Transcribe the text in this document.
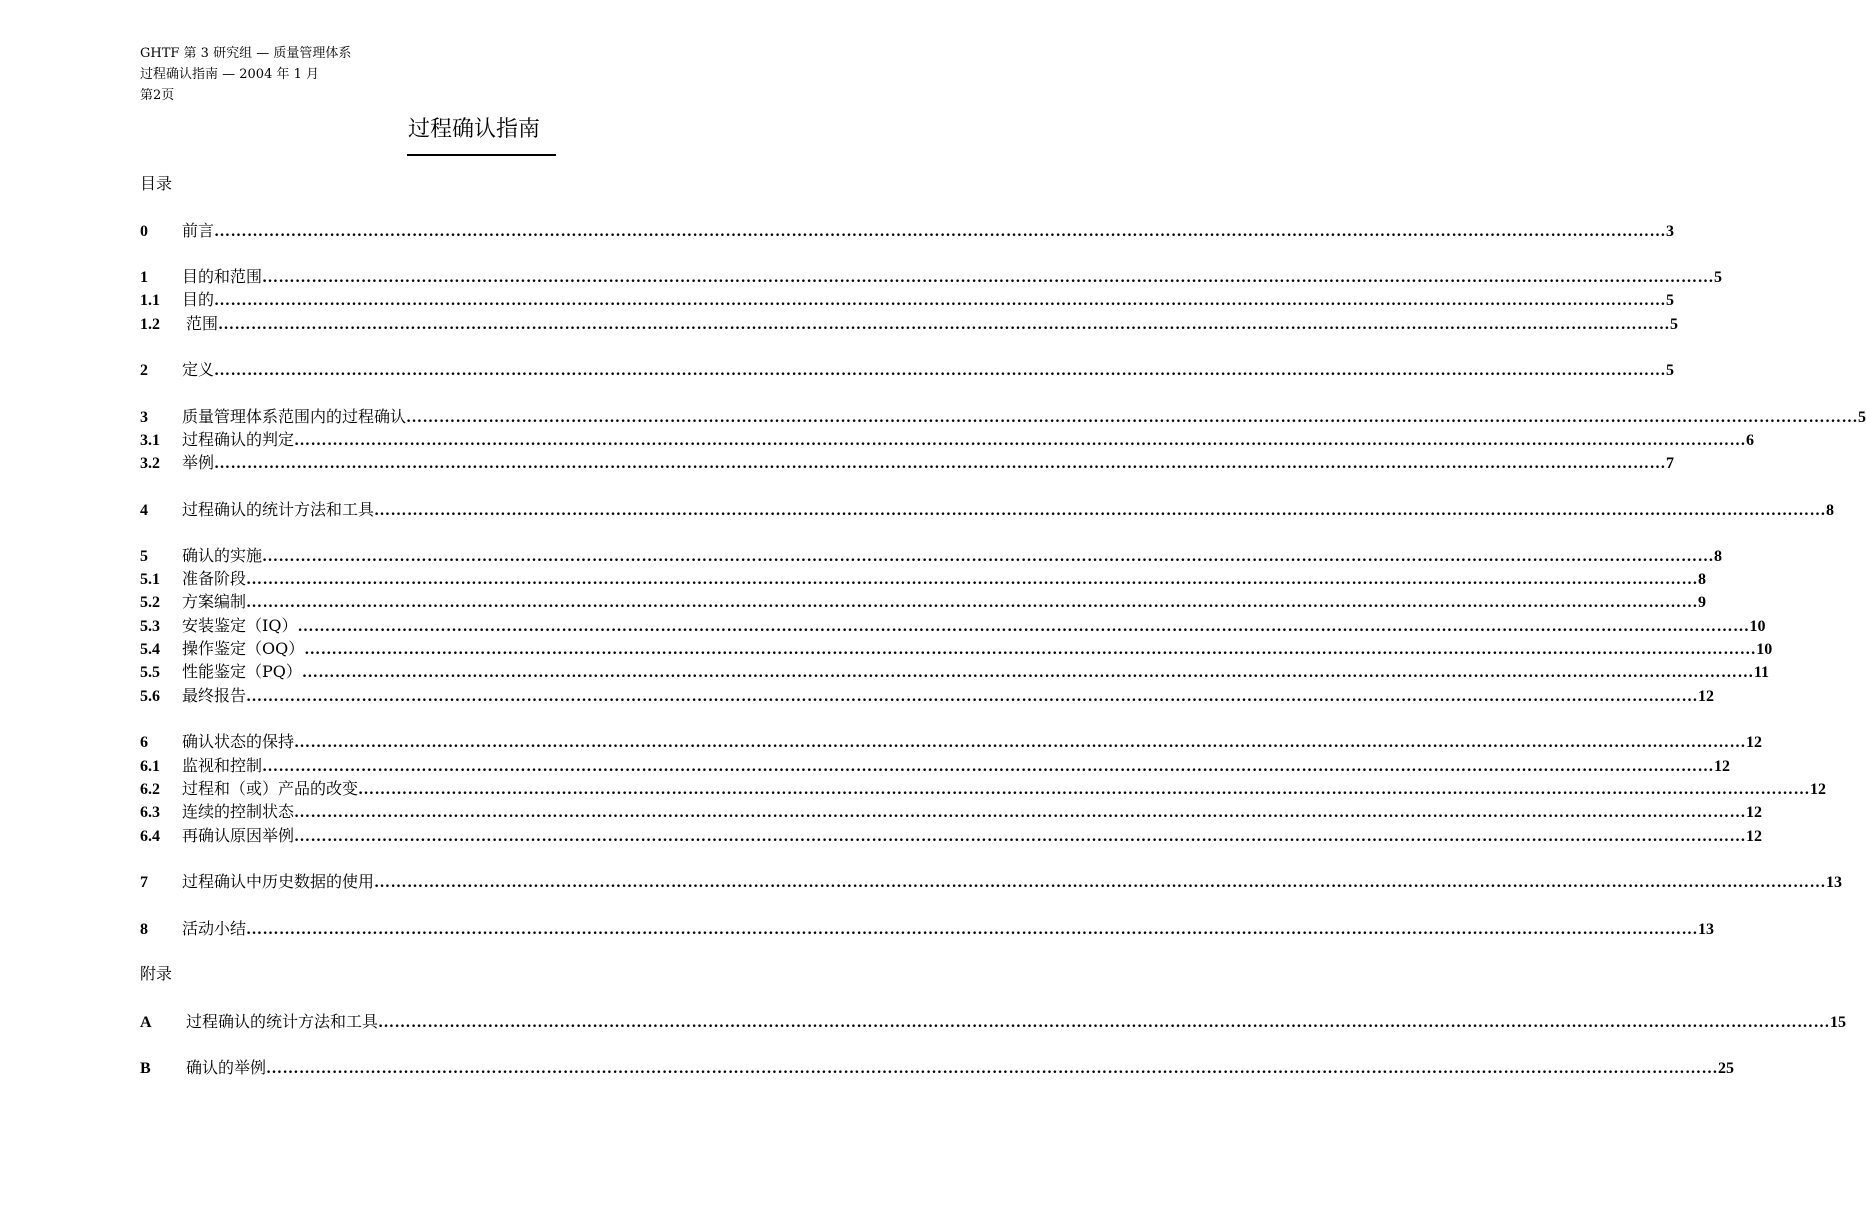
GHTF 第 3 研究组 — 质量管理体系
过程确认指南 — 2004 年 1 月
第2页
过程确认指南
目录
0	前言 ………………………………………………………………………………………………………………………………………………………………………………………………………………………………………… 3
1	目的和范围 ………………………………………………………………………………………………………………………………………………………………………………………………………………………………………… 5
1.1	目的 ………………………………………………………………………………………………………………………………………………………………………………………………………………………………………… 5
1.2	范围 ………………………………………………………………………………………………………………………………………………………………………………………………………………………………………… 5
2	定义 ………………………………………………………………………………………………………………………………………………………………………………………………………………………………………… 5
3	质量管理体系范围内的过程确认 ………………………………………………………………………………………………………………………………………………………………………………………………………………………………………… 5
3.1	过程确认的判定 ………………………………………………………………………………………………………………………………………………………………………………………………………………………………………… 6
3.2	举例 ………………………………………………………………………………………………………………………………………………………………………………………………………………………………………… 7
4	过程确认的统计方法和工具 ………………………………………………………………………………………………………………………………………………………………………………………………………………………………………… 8
5	确认的实施 ………………………………………………………………………………………………………………………………………………………………………………………………………………………………………… 8
5.1	准备阶段 ………………………………………………………………………………………………………………………………………………………………………………………………………………………………………… 8
5.2	方案编制 ………………………………………………………………………………………………………………………………………………………………………………………………………………………………………… 9
5.3	安装鉴定（IQ） ………………………………………………………………………………………………………………………………………………………………………………………………………………………………………… 10
5.4	操作鉴定（OQ） ………………………………………………………………………………………………………………………………………………………………………………………………………………………………………… 10
5.5	性能鉴定（PQ） ………………………………………………………………………………………………………………………………………………………………………………………………………………………………………… 11
5.6	最终报告 ………………………………………………………………………………………………………………………………………………………………………………………………………………………………………… 12
6	确认状态的保持 ………………………………………………………………………………………………………………………………………………………………………………………………………………………………………… 12
6.1	监视和控制 ………………………………………………………………………………………………………………………………………………………………………………………………………………………………………… 12
6.2	过程和（或）产品的改变 ………………………………………………………………………………………………………………………………………………………………………………………………………………………………………… 12
6.3	连续的控制状态 ………………………………………………………………………………………………………………………………………………………………………………………………………………………………………… 12
6.4	再确认原因举例 ………………………………………………………………………………………………………………………………………………………………………………………………………………………………………… 12
7	过程确认中历史数据的使用 ………………………………………………………………………………………………………………………………………………………………………………………………………………………………………… 13
8	活动小结 ………………………………………………………………………………………………………………………………………………………………………………………………………………………………………… 13
附录
A	过程确认的统计方法和工具 ………………………………………………………………………………………………………………………………………………………………………………………………………………………………………… 15
B	确认的举例 ………………………………………………………………………………………………………………………………………………………………………………………………………………………………………… 25
